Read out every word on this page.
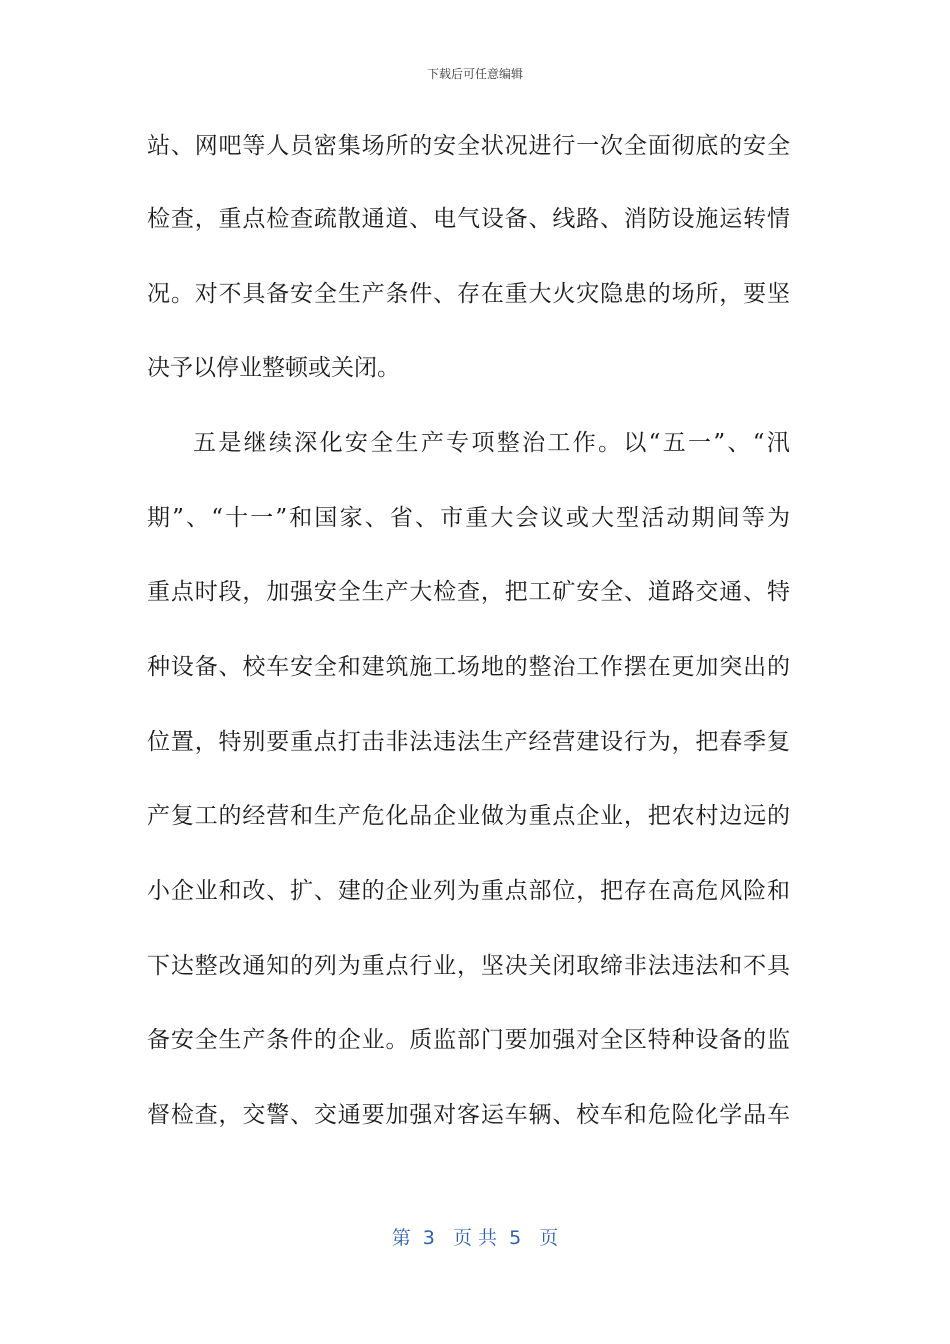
下载后可任意编辑
站 、 网 吧 等 人 员 密 集 场 所 的 安 全 状 况 进 行 一 次 全 面 彻 底 的 安 全
检 查 ， 重 点 检 查 疏 散 通 道 、 电 气 设 备 、 线 路 、 消 防 设 施 运 转 情
况 。 对 不 具 备 安 全 生 产 条 件 、 存 在 重 大 火 灾 隐 患 的 场 所 ， 要 坚
决予以停业整顿或关闭。
五 是 继 续 深 化 安 全 生 产 专 项 整 治 工 作 。 以 “ 五 一 ” 、 “ 汛
期 ” 、 “ 十 一 ” 和 国 家 、 省 、 市 重 大 会 议 或 大 型 活 动 期 间 等 为
重 点 时 段 ， 加 强 安 全 生 产 大 检 查 ， 把 工 矿 安 全 、 道 路 交 通 、 特
种 设 备 、 校 车 安 全 和 建 筑 施 工 场 地 的 整 治 工 作 摆 在 更 加 突 出 的
位 置 ， 特 别 要 重 点 打 击 非 法 违 法 生 产 经 营 建 设 行 为 ， 把 春 季 复
产 复 工 的 经 营 和 生 产 危 化 品 企 业 做 为 重 点 企 业 ， 把 农 村 边 远 的
小 企 业 和 改 、 扩 、 建 的 企 业 列 为 重 点 部 位 ， 把 存 在 高 危 风 险 和
下 达 整 改 通 知 的 列 为 重 点 行 业 ， 坚 决 关 闭 取 缔 非 法 违 法 和 不 具
备 安 全 生 产 条 件 的 企 业 。 质 监 部 门 要 加 强 对 全 区 特 种 设 备 的 监
督 检 查 ， 交 警 、 交 通 要 加 强 对 客 运 车 辆 、 校 车 和 危 险 化 学 品 车
第  3   页 共  5   页
